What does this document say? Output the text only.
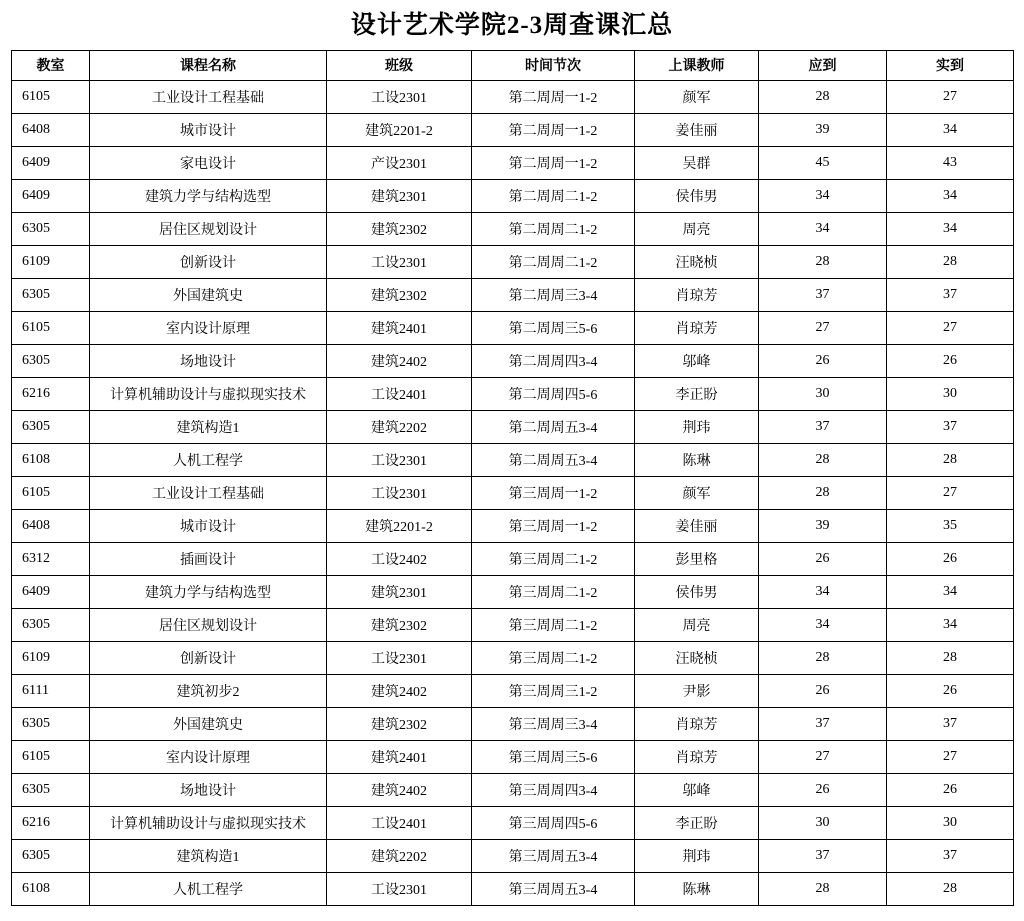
设计艺术学院2-3周查课汇总
教室	课程名称	班级	时间节次	上课教师	应到	实到
6105	工业设计工程基础	工设2301	第二周周一1-2	颜军	28	27
6408	城市设计	建筑2201-2	第二周周一1-2	姜佳丽	39	34
6409	家电设计	产设2301	第二周周一1-2	吴群	45	43
6409	建筑力学与结构选型	建筑2301	第二周周二1-2	侯伟男	34	34
6305	居住区规划设计	建筑2302	第二周周二1-2	周亮	34	34
6109	创新设计	工设2301	第二周周二1-2	汪晓桢	28	28
6305	外国建筑史	建筑2302	第二周周三3-4	肖琼芳	37	37
6105	室内设计原理	建筑2401	第二周周三5-6	肖琼芳	27	27
6305	场地设计	建筑2402	第二周周四3-4	邬峰	26	26
6216	计算机辅助设计与虚拟现实技术	工设2401	第二周周四5-6	李正盼	30	30
6305	建筑构造1	建筑2202	第二周周五3-4	荆玮	37	37
6108	人机工程学	工设2301	第二周周五3-4	陈琳	28	28
6105	工业设计工程基础	工设2301	第三周周一1-2	颜军	28	27
6408	城市设计	建筑2201-2	第三周周一1-2	姜佳丽	39	35
6312	插画设计	工设2402	第三周周二1-2	彭里格	26	26
6409	建筑力学与结构选型	建筑2301	第三周周二1-2	侯伟男	34	34
6305	居住区规划设计	建筑2302	第三周周二1-2	周亮	34	34
6109	创新设计	工设2301	第三周周二1-2	汪晓桢	28	28
6111	建筑初步2	建筑2402	第三周周三1-2	尹影	26	26
6305	外国建筑史	建筑2302	第三周周三3-4	肖琼芳	37	37
6105	室内设计原理	建筑2401	第三周周三5-6	肖琼芳	27	27
6305	场地设计	建筑2402	第三周周四3-4	邬峰	26	26
6216	计算机辅助设计与虚拟现实技术	工设2401	第三周周四5-6	李正盼	30	30
6305	建筑构造1	建筑2202	第三周周五3-4	荆玮	37	37
6108	人机工程学	工设2301	第三周周五3-4	陈琳	28	28
